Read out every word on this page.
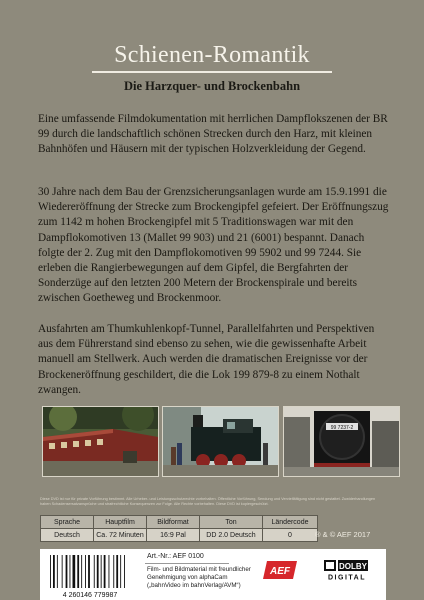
Schienen-Romantik
Die Harzquer- und Brockenbahn

Eine umfassende Filmdokumentation mit herrlichen Dampflokszenen der BR 99 durch die landschaftlich schönen Strecken durch den Harz, mit kleinen Bahnhöfen und Häusern mit der typischen Holzverkleidung der Gegend.

30 Jahre nach dem Bau der Grenzsicherungsanlagen wurde am 15.9.1991 die Wiedereröffnung der Strecke zum Brockengipfel gefeiert. Der Eröffnungszug zum 1142 m hohen Brockengipfel mit 5 Traditionswagen war mit den Dampflokomotiven 13 (Mallet 99 903) und 21 (6001) bespannt. Danach folgte der 2. Zug mit den Dampflokomotiven 99 5902 und 99 7244. Sie erleben die Rangierbewegungen auf dem Gipfel, die Bergfahrten der Sonderzüge auf den letzten 200 Metern der Brockenspirale und bereits zwischen Goetheweg und Brockenmoor.

Ausfahrten am Thumkuhlenkopf-Tunnel, Parallelfahrten und Perspektiven aus dem Führerstand sind ebenso zu sehen, wie die gewissenhafte Arbeit manuell am Stellwerk. Auch werden die dramatischen Ereignisse vor der Brockeneröffnung geschildert, die die Lok 199 879-8 zu einem Nothalt zwangen.

99 7237-2

Diese DVD ist nur für private Vorführung bestimmt. Alle Urheber- und Leistungsschutzrechte vorbehalten. Öffentliche Vorführung, Sendung und Vervielfältigung sind nicht gestattet. Zuwiderhandlungen haben Schadensersatzansprüche und strafrechtliche Konsequenzen zur Folge. Alle Rechte vorbehalten. Diese DVD ist kopiergeschützt.

Sprache	Hauptfilm	Bildformat	Ton	Ländercode
Deutsch	Ca. 72 Minuten	16:9 Pal	DD 2.0 Deutsch	0	® & © AEF 2017
4 260146 779987
Art.-Nr.: AEF 0100
Film- und Bildmaterial mit freundlicher Genehmigung von alphaCam („bahnVideo im bahnVerlag/AVM“)
AEF	DOLBY
DIGITAL
